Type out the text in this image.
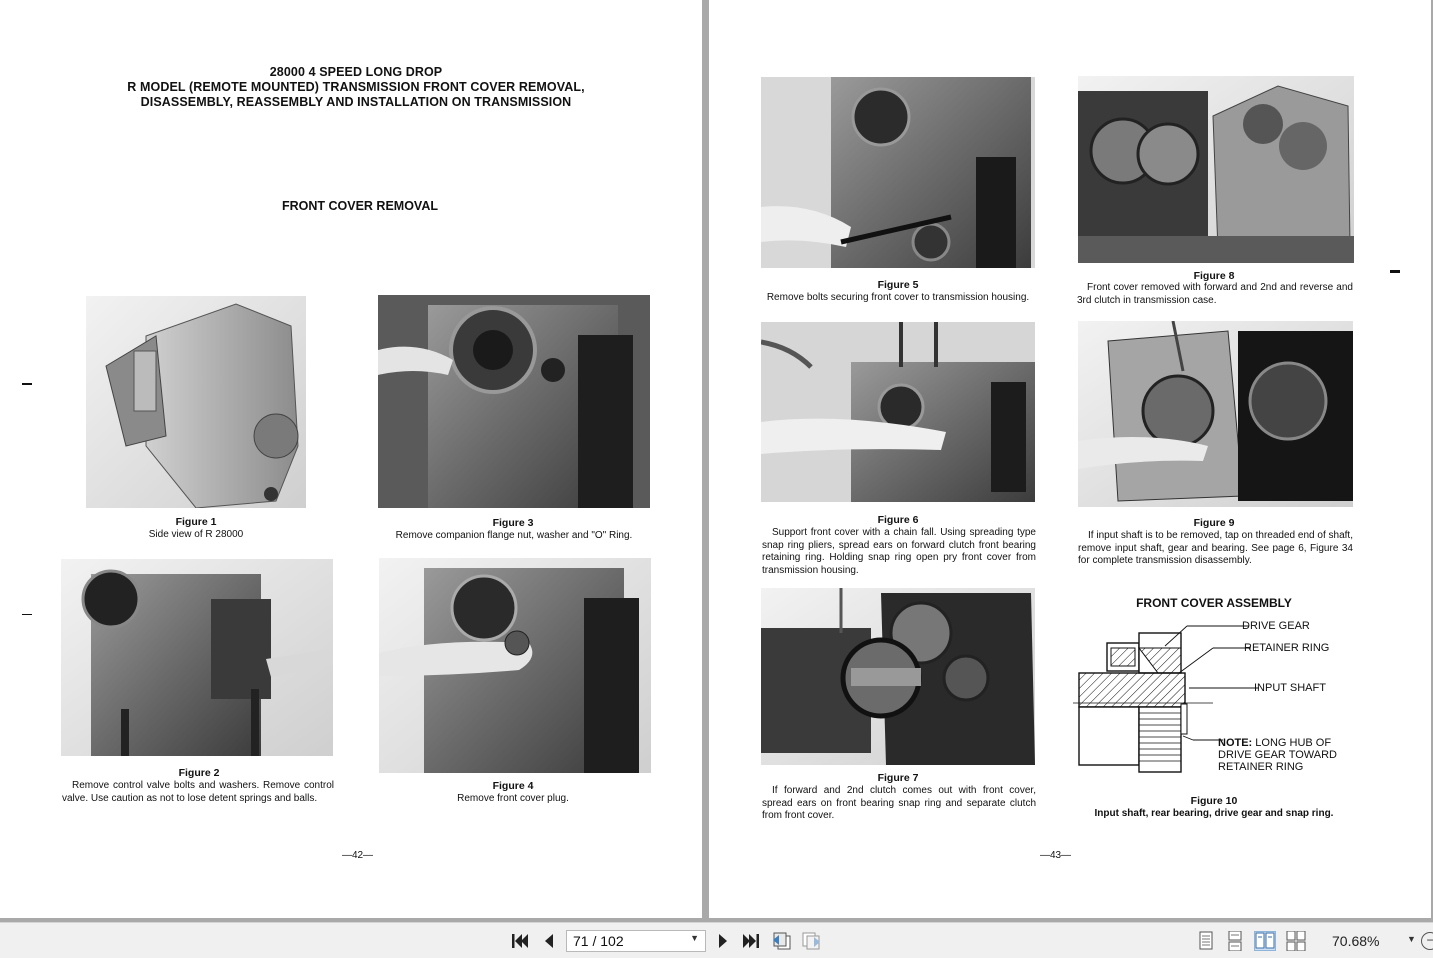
28000 4 SPEED LONG DROP
R MODEL (REMOTE MOUNTED) TRANSMISSION FRONT COVER REMOVAL,
DISASSEMBLY, REASSEMBLY AND INSTALLATION ON TRANSMISSION
FRONT COVER REMOVAL
Figure 1
Side view of R 28000
Figure 3
Remove companion flange nut, washer and "O" Ring.
Figure 2
Remove control valve bolts and washers. Remove control valve. Use caution as not to lose detent springs and balls.
Figure 4
Remove front cover plug.
—42—
Figure 5
Remove bolts securing front cover to transmission housing.
Figure 8
Front cover removed with forward and 2nd and reverse and 3rd clutch in transmission case.
Figure 6
Support front cover with a chain fall. Using spreading type snap ring pliers, spread ears on forward clutch front bearing retaining ring. Holding snap ring open pry front cover from transmission housing.
Figure 9
If input shaft is to be removed, tap on threaded end of shaft, remove input shaft, gear and bearing. See page 6, Figure 34 for complete transmission disassembly.
Figure 7
If forward and 2nd clutch comes out with front cover, spread ears on front bearing snap ring and separate clutch from front cover.
FRONT COVER ASSEMBLY
DRIVE GEAR
RETAINER RING
INPUT SHAFT
NOTE: LONG HUB OF
DRIVE GEAR TOWARD
RETAINER RING
Figure 10
Input shaft, rear bearing, drive gear and snap ring.
—43—
71 / 102	▼	70.68%	▼ −
